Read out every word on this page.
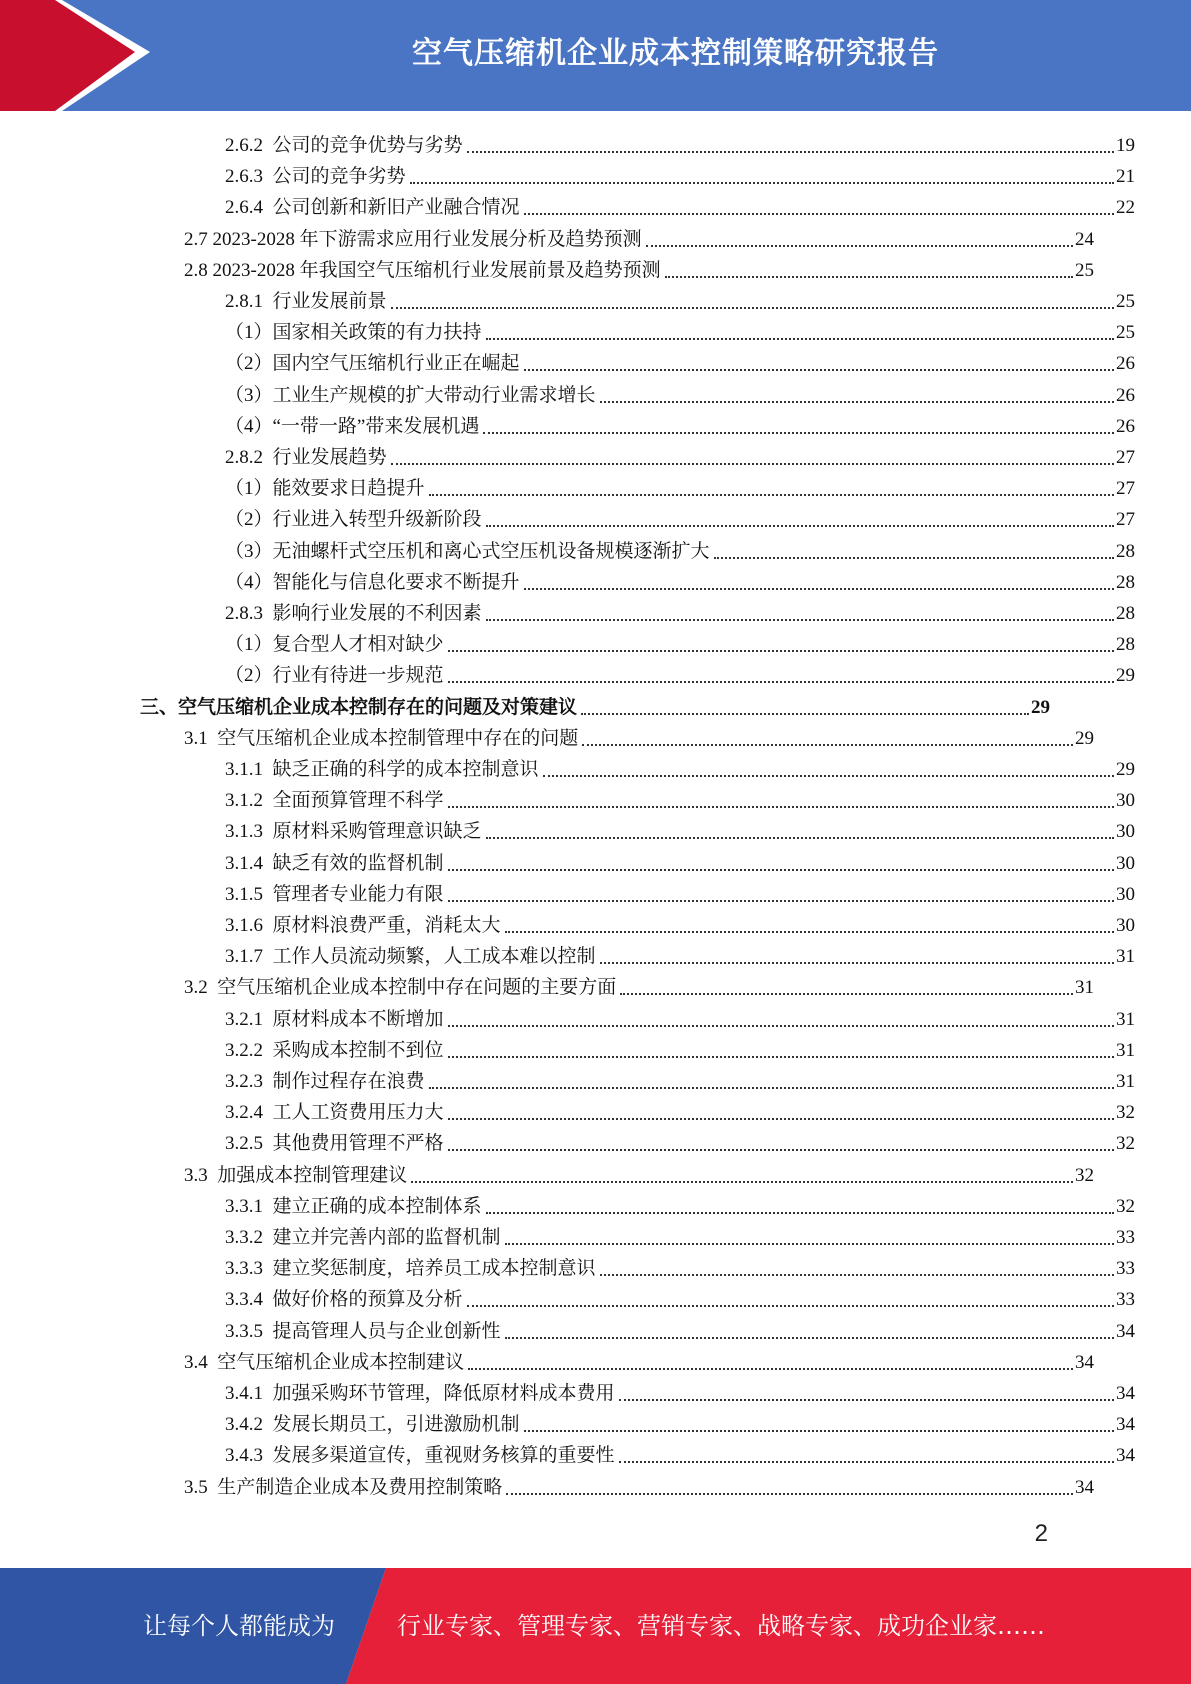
空气压缩机企业成本控制策略研究报告
2.6.2  公司的竞争优势与劣势	19
2.6.3  公司的竞争劣势	21
2.6.4  公司创新和新旧产业融合情况	22
2.7 2023-2028 年下游需求应用行业发展分析及趋势预测	24
2.8 2023-2028 年我国空气压缩机行业发展前景及趋势预测	25
2.8.1  行业发展前景	25
（1）国家相关政策的有力扶持	25
（2）国内空气压缩机行业正在崛起	26
（3）工业生产规模的扩大带动行业需求增长	26
（4）“一带一路”带来发展机遇	26
2.8.2  行业发展趋势	27
（1）能效要求日趋提升	27
（2）行业进入转型升级新阶段	27
（3）无油螺杆式空压机和离心式空压机设备规模逐渐扩大	28
（4）智能化与信息化要求不断提升	28
2.8.3  影响行业发展的不利因素	28
（1）复合型人才相对缺少	28
（2）行业有待进一步规范	29
三、空气压缩机企业成本控制存在的问题及对策建议	29
3.1  空气压缩机企业成本控制管理中存在的问题	29
3.1.1  缺乏正确的科学的成本控制意识	29
3.1.2  全面预算管理不科学	30
3.1.3  原材料采购管理意识缺乏	30
3.1.4  缺乏有效的监督机制	30
3.1.5  管理者专业能力有限	30
3.1.6  原材料浪费严重，消耗太大	30
3.1.7  工作人员流动频繁，人工成本难以控制	31
3.2  空气压缩机企业成本控制中存在问题的主要方面	31
3.2.1  原材料成本不断增加	31
3.2.2  采购成本控制不到位	31
3.2.3  制作过程存在浪费	31
3.2.4  工人工资费用压力大	32
3.2.5  其他费用管理不严格	32
3.3  加强成本控制管理建议	32
3.3.1  建立正确的成本控制体系	32
3.3.2  建立并完善内部的监督机制	33
3.3.3  建立奖惩制度，培养员工成本控制意识	33
3.3.4  做好价格的预算及分析	33
3.3.5  提高管理人员与企业创新性	34
3.4  空气压缩机企业成本控制建议	34
3.4.1  加强采购环节管理，降低原材料成本费用	34
3.4.2  发展长期员工，引进激励机制	34
3.4.3  发展多渠道宣传，重视财务核算的重要性	34
3.5  生产制造企业成本及费用控制策略	34
2
让每个人都能成为	行业专家、管理专家、营销专家、战略专家、成功企业家……
